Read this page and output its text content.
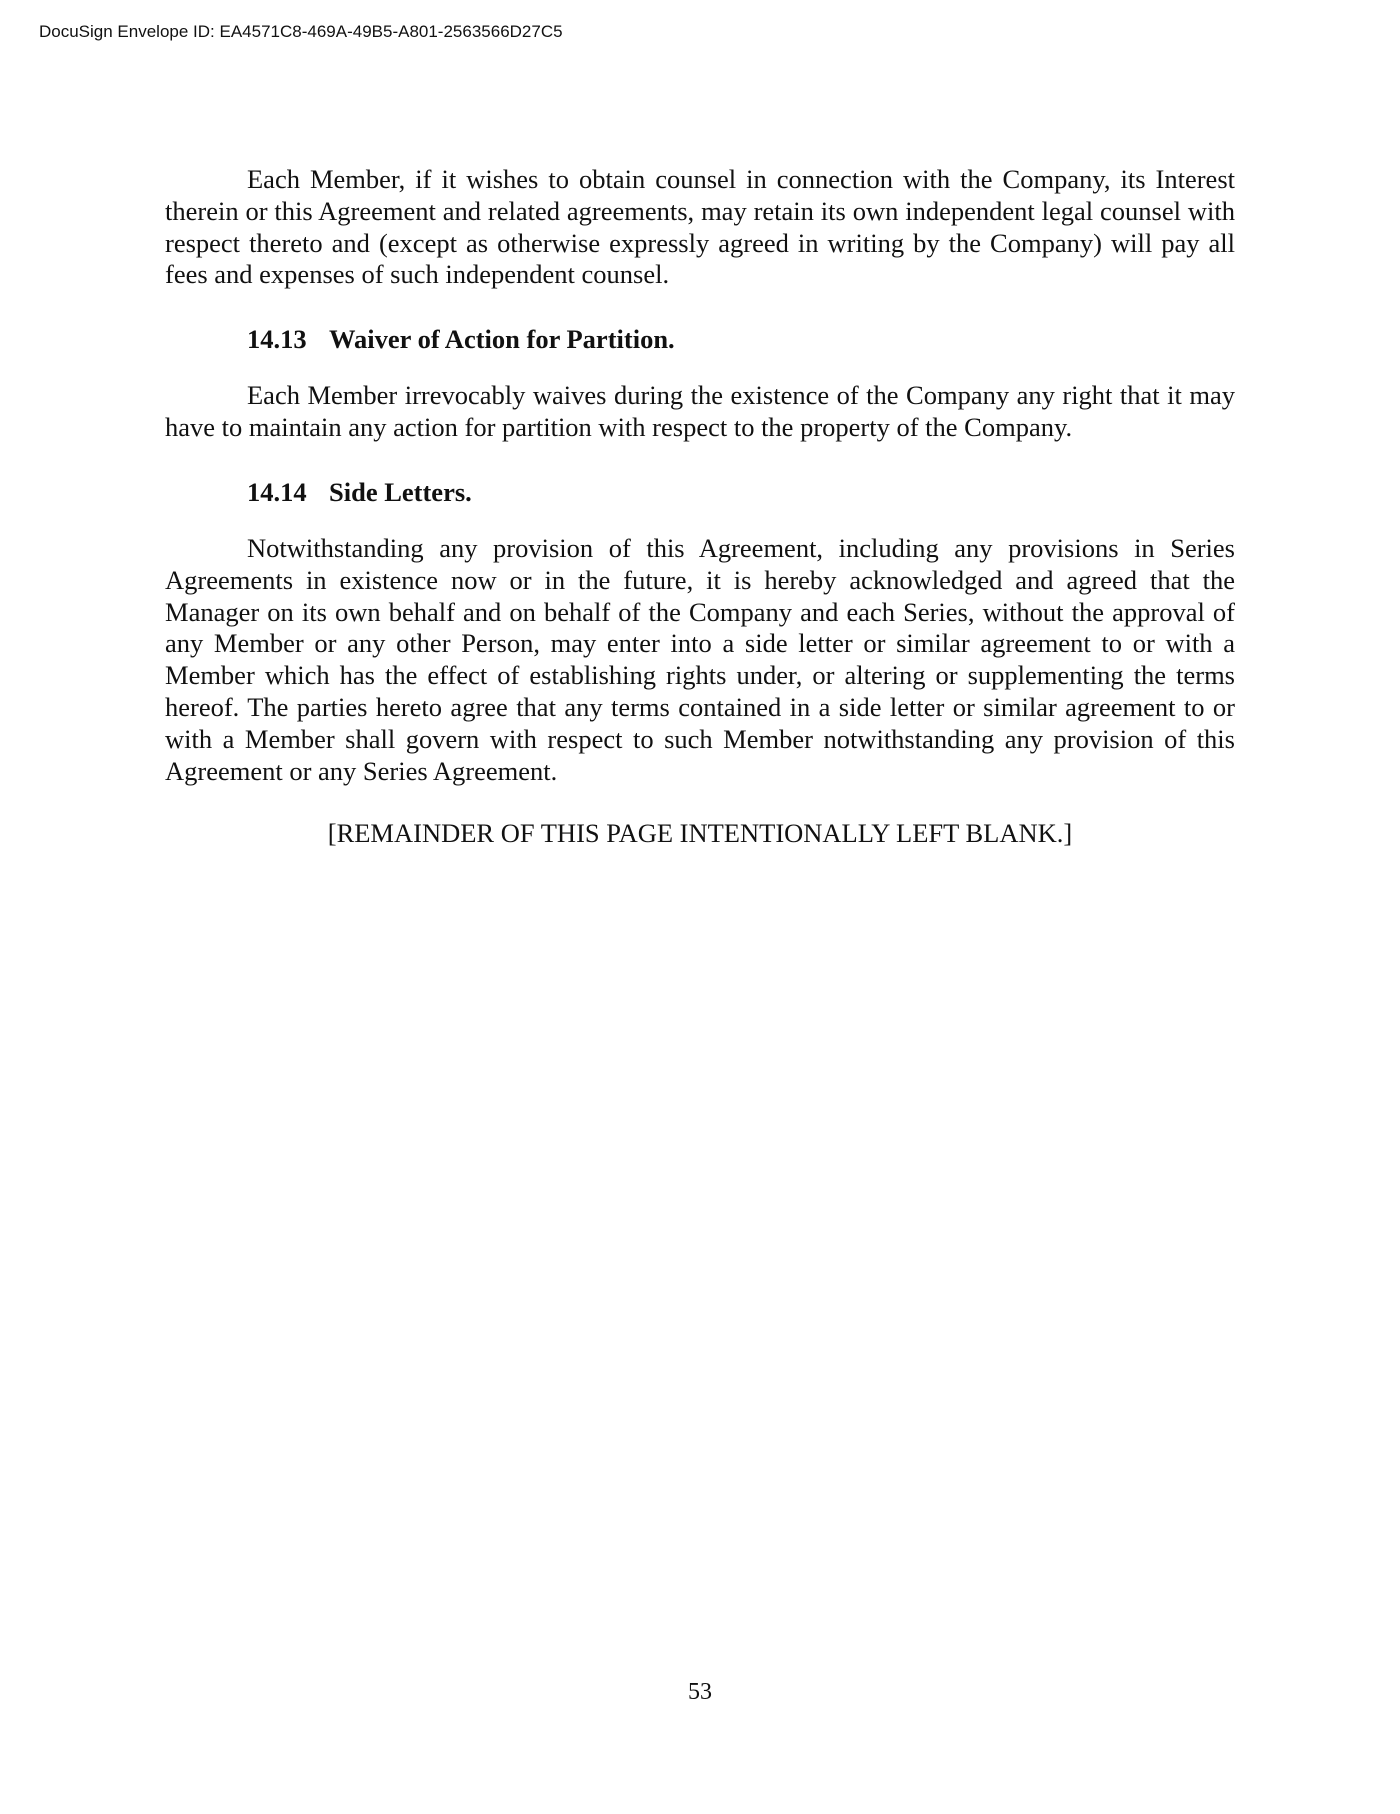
DocuSign Envelope ID: EA4571C8-469A-49B5-A801-2563566D27C5

Each Member, if it wishes to obtain counsel in connection with the Company, its Interest therein or this Agreement and related agreements, may retain its own independent legal counsel with respect thereto and (except as otherwise expressly agreed in writing by the Company) will pay all fees and expenses of such independent counsel.

14.13 Waiver of Action for Partition.

Each Member irrevocably waives during the existence of the Company any right that it may have to maintain any action for partition with respect to the property of the Company.

14.14 Side Letters.

Notwithstanding any provision of this Agreement, including any provisions in Series Agreements in existence now or in the future, it is hereby acknowledged and agreed that the Manager on its own behalf and on behalf of the Company and each Series, without the approval of any Member or any other Person, may enter into a side letter or similar agreement to or with a Member which has the effect of establishing rights under, or altering or supplementing the terms hereof. The parties hereto agree that any terms contained in a side letter or similar agreement to or with a Member shall govern with respect to such Member notwithstanding any provision of this Agreement or any Series Agreement.

[REMAINDER OF THIS PAGE INTENTIONALLY LEFT BLANK.]

53
